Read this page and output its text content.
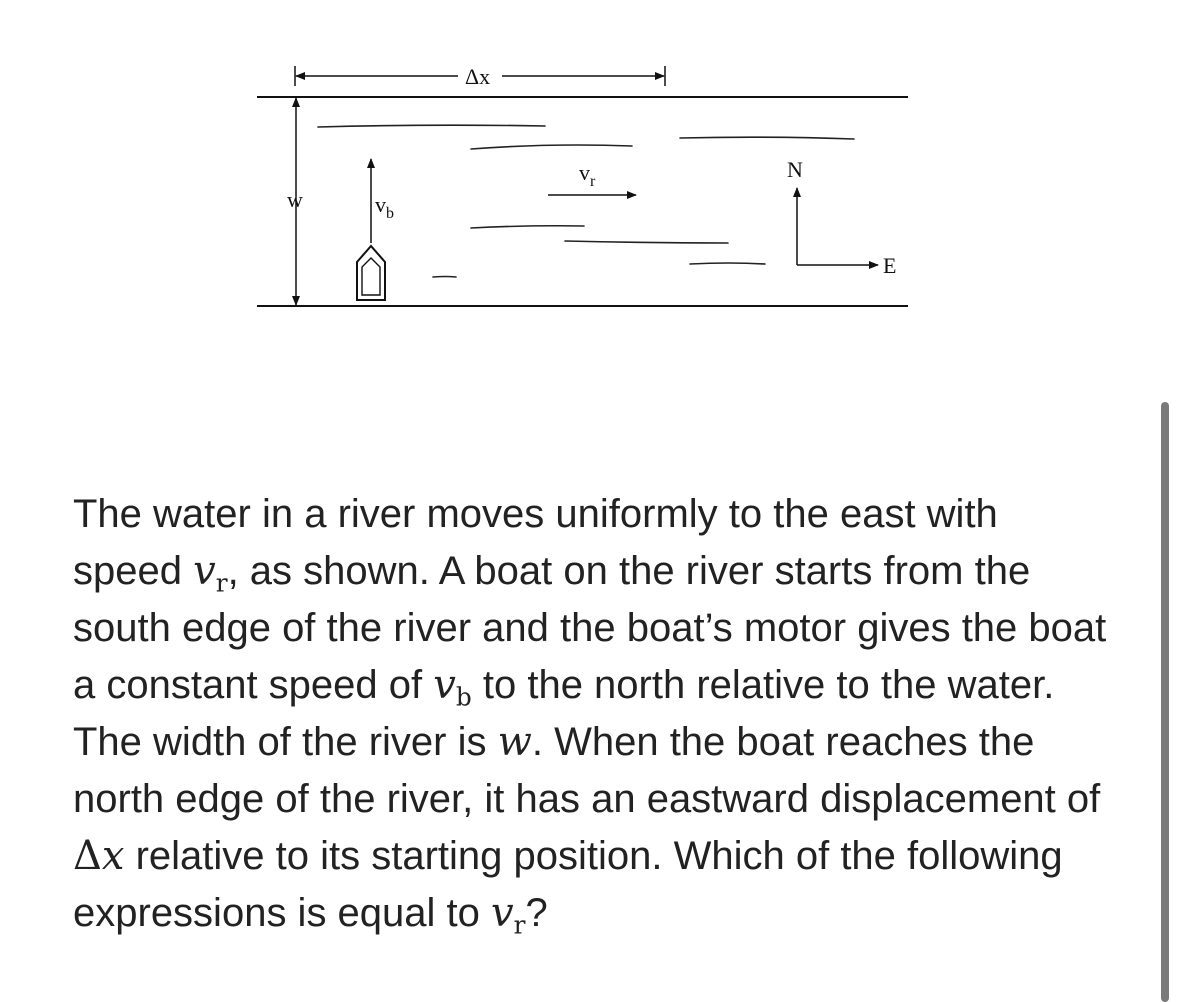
Δx
w	$v_b$
$v_r$	N
E

The water in a river moves uniformly to the east with speed $v_r$, as shown. A boat on the river starts from the south edge of the river and the boat’s motor gives the boat a constant speed of $v_b$ to the north relative to the water. The width of the river is w. When the boat reaches the north edge of the river, it has an eastward displacement of Δx relative to its starting position. Which of the following expressions is equal to $v_r$?
